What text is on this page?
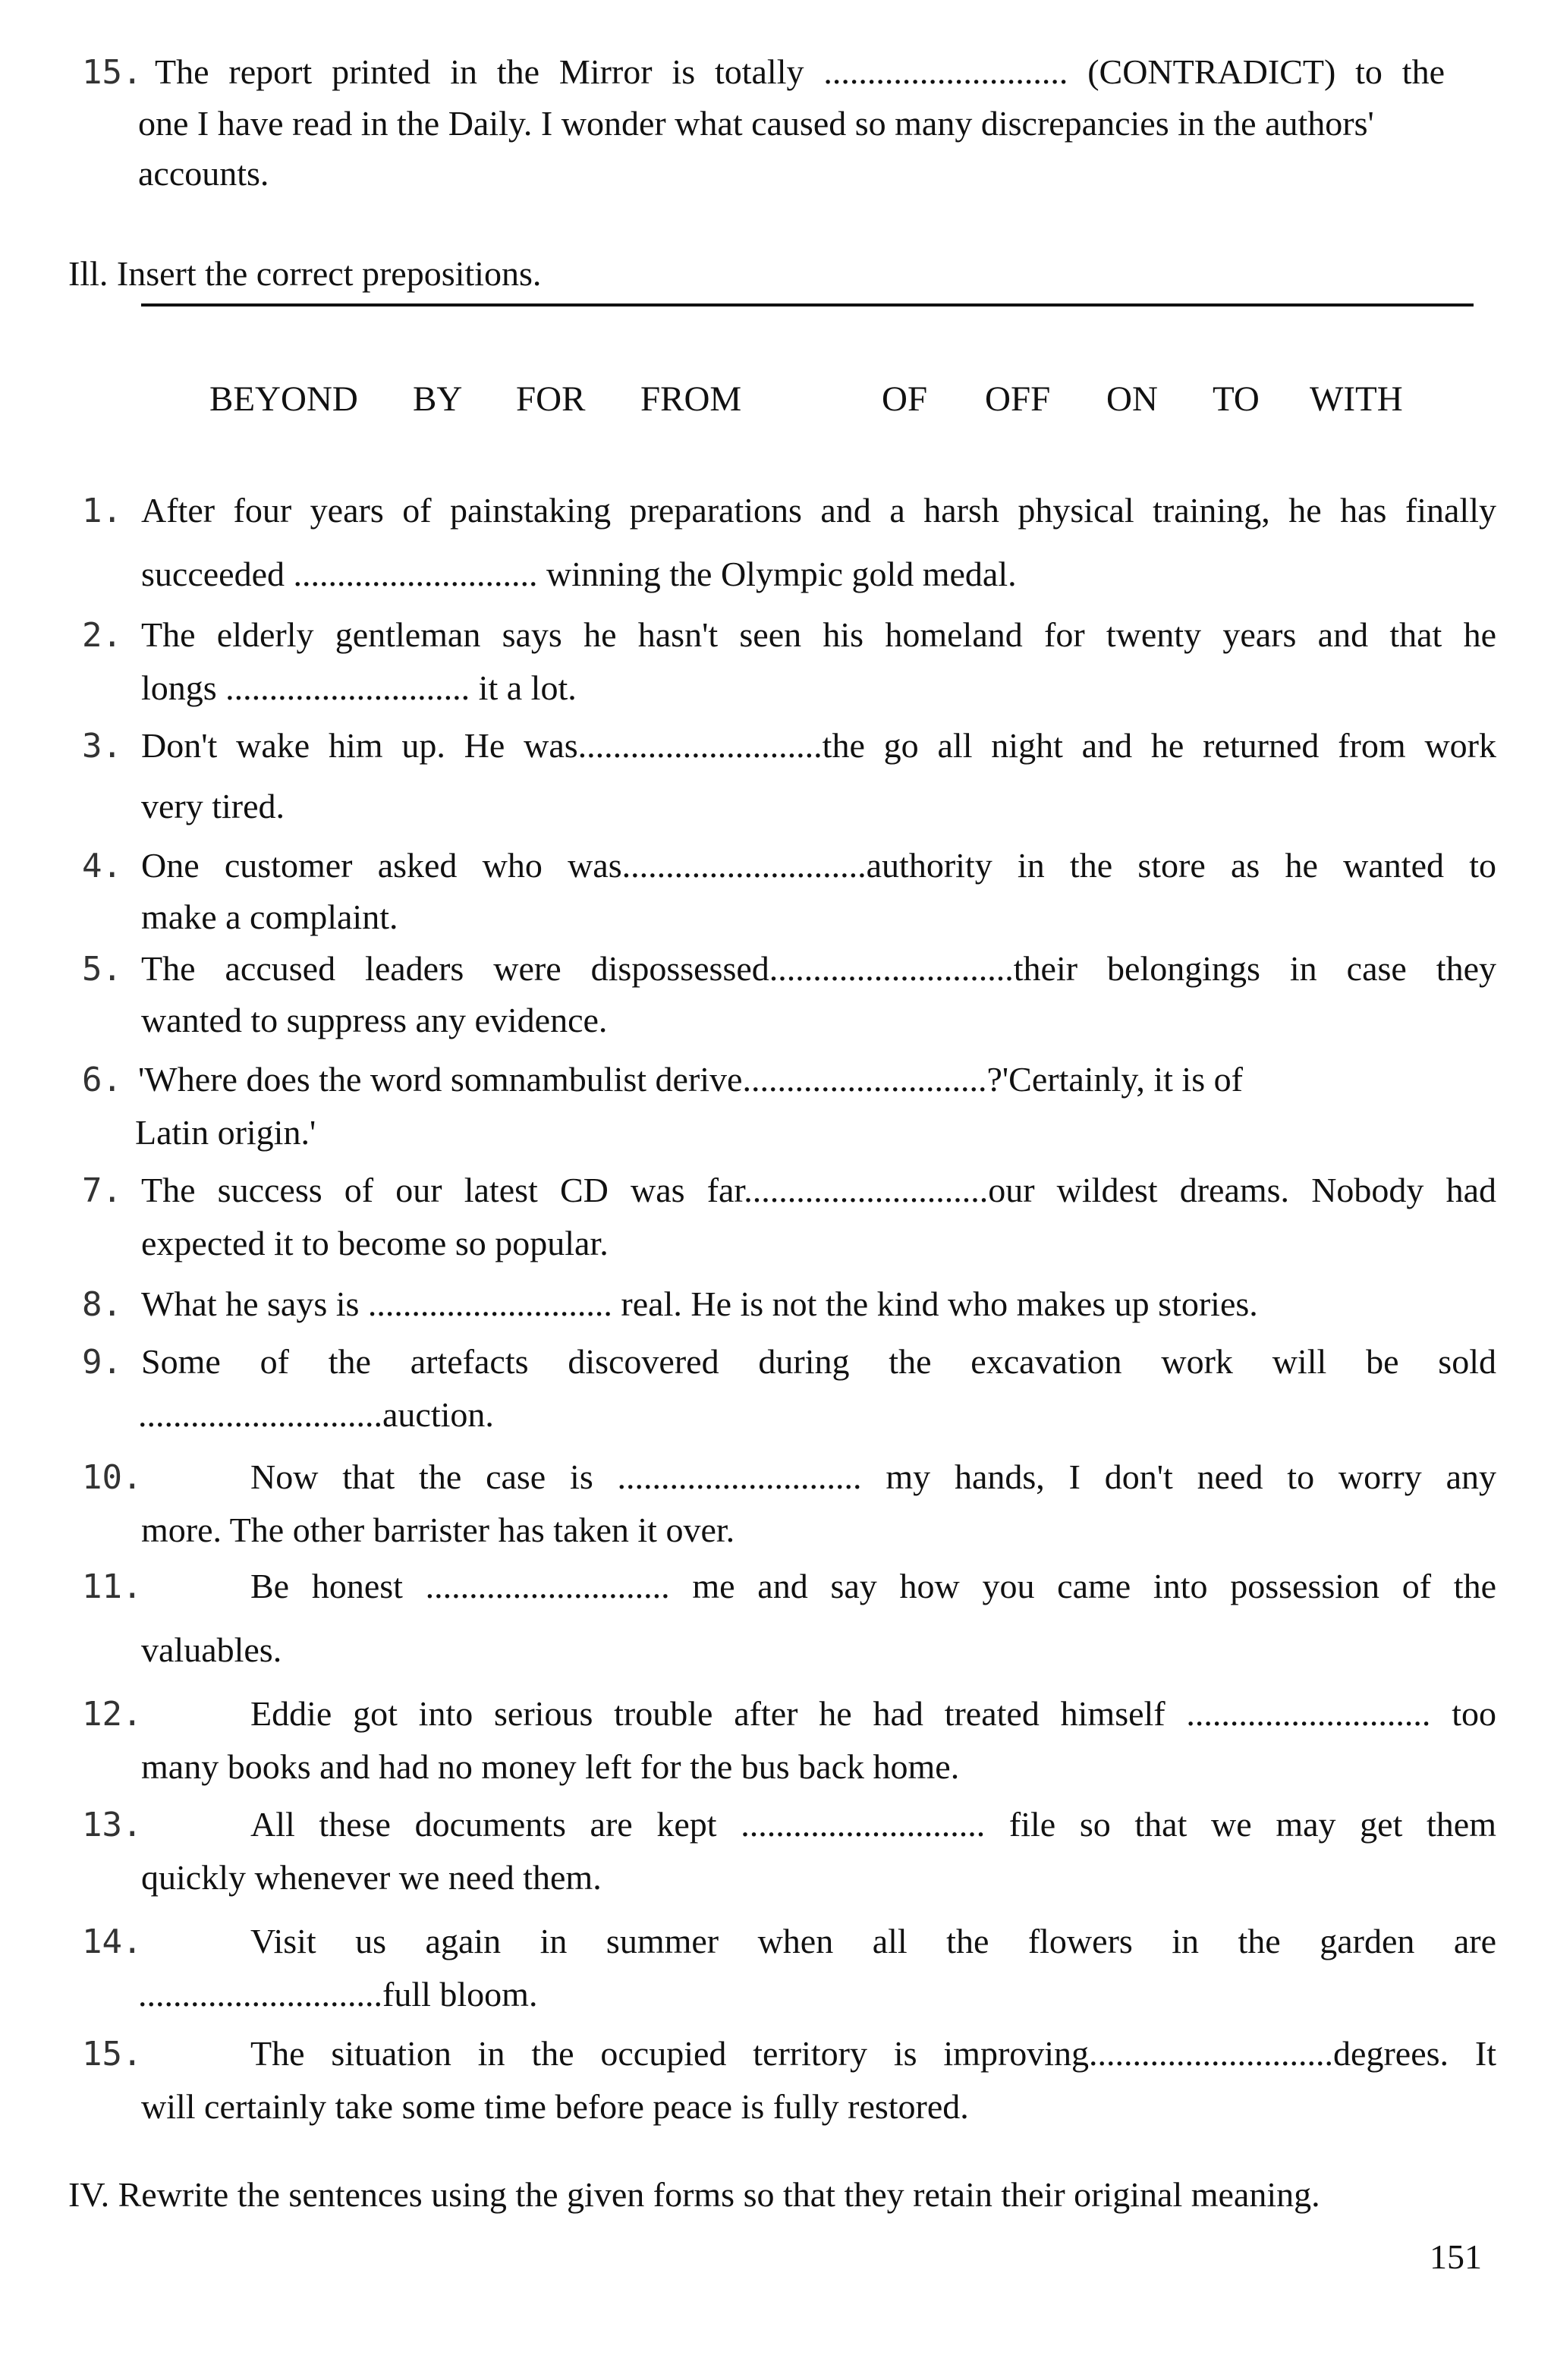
15. The report printed in the Mirror is totally ............................ (CONTRADICT) to the
one I have read in the Daily. I wonder what caused so many discrepancies in the authors'
accounts.
Ill. Insert the correct prepositions.
BEYOND BY FOR FROM	OF OFF ON TO WITH
1. After four years of painstaking preparations and a harsh physical training, he has finally
succeeded ............................ winning the Olympic gold medal.
2. The elderly gentleman says he hasn't seen his homeland for twenty years and that he
longs ............................ it a lot.
3. Don't wake him up. He was............................the go all night and he returned from work
very tired.
4. One customer asked who was............................authority in the store as he wanted to
make a complaint.
5. The accused leaders were dispossessed............................their belongings in case they
wanted to suppress any evidence.
6. 'Where does the word somnambulist derive............................?'Certainly, it is of
Latin origin.'
7. The success of our latest CD was far............................our wildest dreams. Nobody had
expected it to become so popular.
8. What he says is ............................ real. He is not the kind who makes up stories.
9. Some of the artefacts discovered during the excavation work will be sold
............................auction.
10.	Now that the case is ............................ my hands, I don't need to worry any
more. The other barrister has taken it over.
11.	Be honest ............................ me and say how you came into possession of the
valuables.
12.	Eddie got into serious trouble after he had treated himself ............................ too
many books and had no money left for the bus back home.
13.	All these documents are kept ............................ file so that we may get them
quickly whenever we need them.
14.	Visit us again in summer when all the flowers in the garden are
............................full bloom.
15.	The situation in the occupied territory is improving............................degrees. It
will certainly take some time before peace is fully restored.
IV. Rewrite the sentences using the given forms so that they retain their original meaning.
151
